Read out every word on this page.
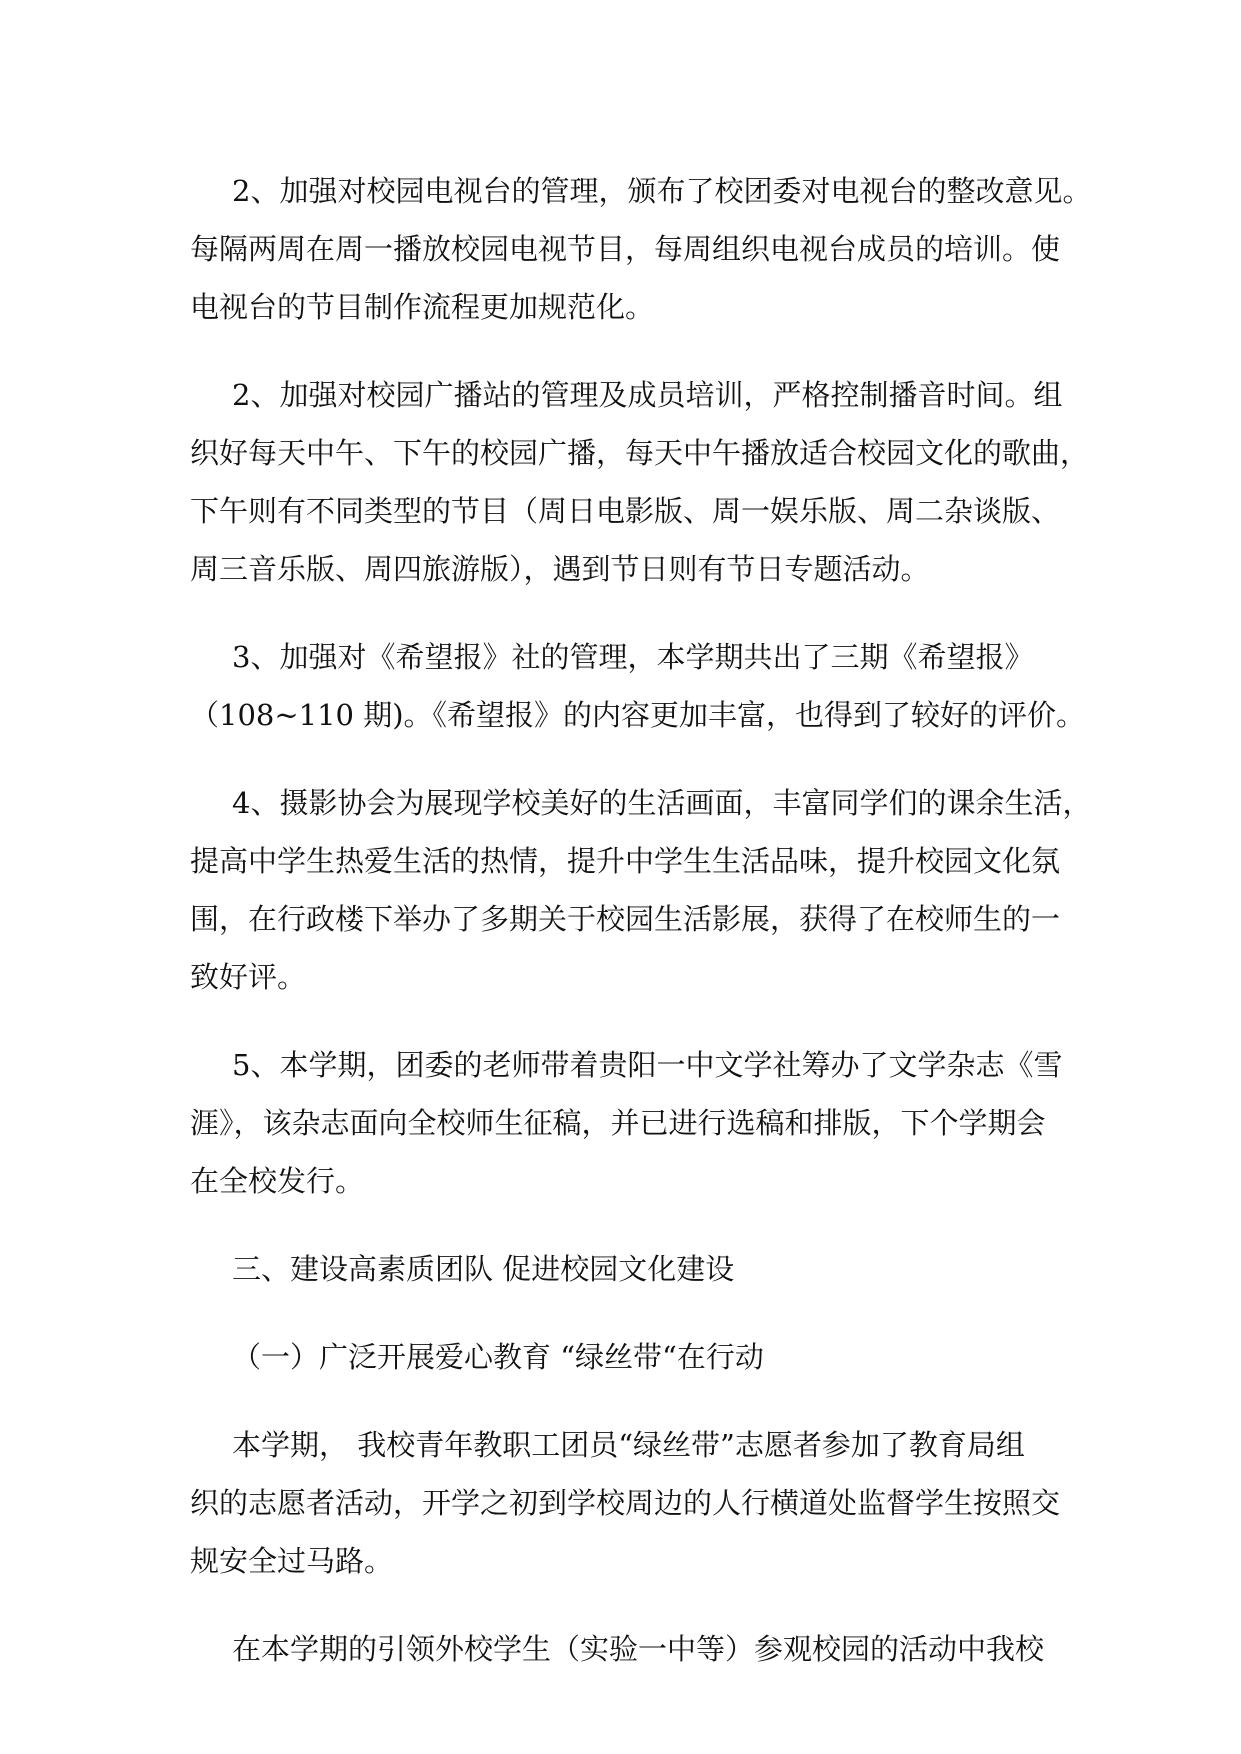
2、加强对校园电视台的管理，颁布了校团委对电视台的整改意见。
每隔两周在周一播放校园电视节目，每周组织电视台成员的培训。使
电视台的节目制作流程更加规范化。
2、加强对校园广播站的管理及成员培训，严格控制播音时间。组
织好每天中午、下午的校园广播，每天中午播放适合校园文化的歌曲，
下午则有不同类型的节目（周日电影版、周一娱乐版、周二杂谈版、
周三音乐版、周四旅游版），遇到节日则有节日专题活动。
3、加强对《希望报》社的管理，本学期共出了三期《希望报》
（108~110 期)。《希望报》的内容更加丰富，也得到了较好的评价。
4、摄影协会为展现学校美好的生活画面，丰富同学们的课余生活，
提高中学生热爱生活的热情，提升中学生生活品味，提升校园文化氛
围，在行政楼下举办了多期关于校园生活影展，获得了在校师生的一
致好评。
5、本学期，团委的老师带着贵阳一中文学社筹办了文学杂志《雪
涯》，该杂志面向全校师生征稿，并已进行选稿和排版，下个学期会
在全校发行。
三、建设高素质团队 促进校园文化建设
（一）广泛开展爱心教育 “绿丝带“在行动
本学期， 我校青年教职工团员“绿丝带”志愿者参加了教育局组
织的志愿者活动，开学之初到学校周边的人行横道处监督学生按照交
规安全过马路。
在本学期的引领外校学生（实验一中等）参观校园的活动中我校
